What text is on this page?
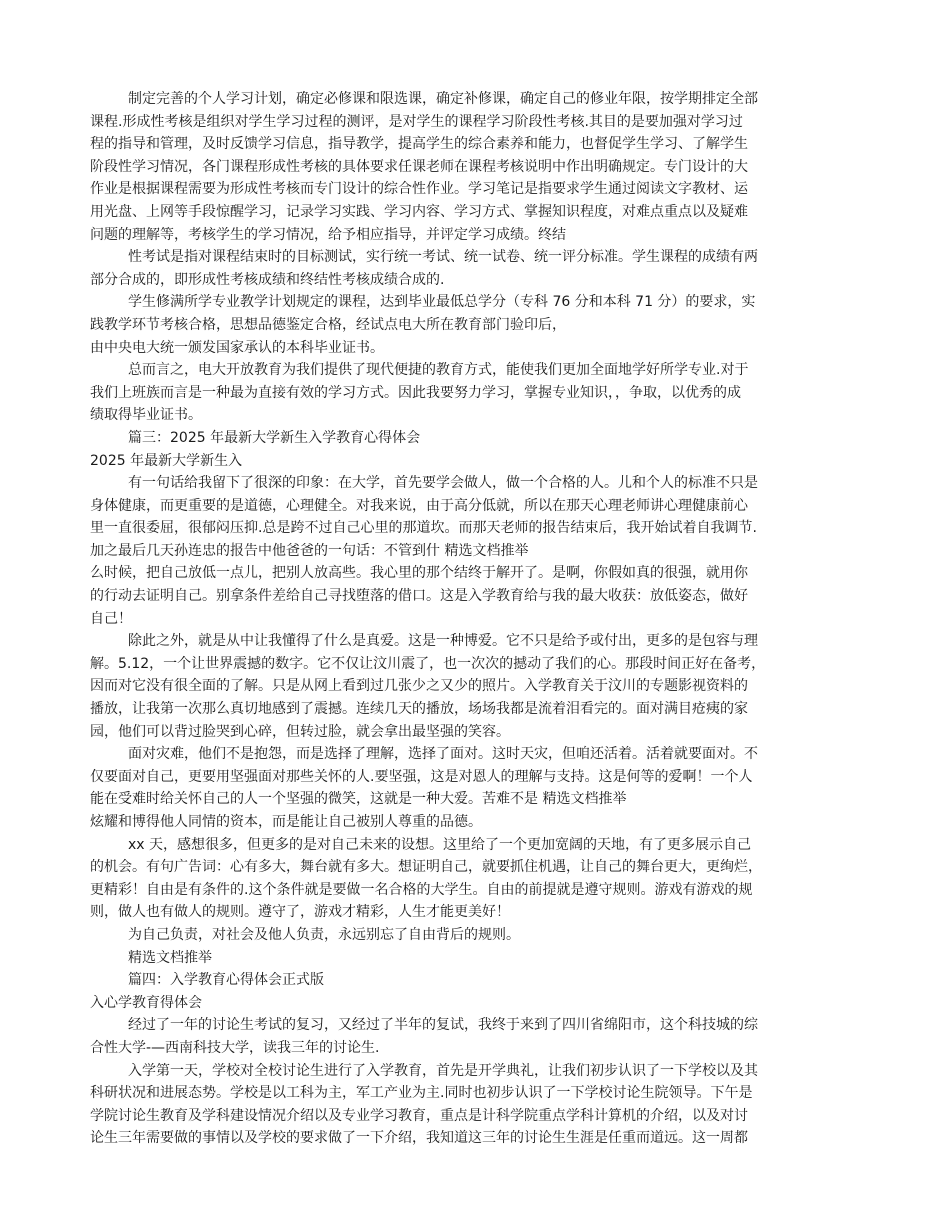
制定完善的个人学习计划，确定必修课和限选课，确定补修课，确定自己的修业年限，按学期排定全部
课程.形成性考核是组织对学生学习过程的测评，是对学生的课程学习阶段性考核.其目的是要加强对学习过
程的指导和管理，及时反馈学习信息，指导教学，提高学生的综合素养和能力，也督促学生学习、了解学生
阶段性学习情况，各门课程形成性考核的具体要求任课老师在课程考核说明中作出明确规定。专门设计的大
作业是根据课程需要为形成性考核而专门设计的综合性作业。学习笔记是指要求学生通过阅读文字教材、运
用光盘、上网等手段惊醒学习，记录学习实践、学习内容、学习方式、掌握知识程度，对难点重点以及疑难
问题的理解等，考核学生的学习情况，给予相应指导，并评定学习成绩。终结
性考试是指对课程结束时的目标测试，实行统一考试、统一试卷、统一评分标准。学生课程的成绩有两
部分合成的，即形成性考核成绩和终结性考核成绩合成的.
学生修满所学专业教学计划规定的课程，达到毕业最低总学分（专科 76 分和本科 71 分）的要求，实
践教学环节考核合格，思想品德鉴定合格，经试点电大所在教育部门验印后，
由中央电大统一颁发国家承认的本科毕业证书。
总而言之，电大开放教育为我们提供了现代便捷的教育方式，能使我们更加全面地学好所学专业.对于
我们上班族而言是一种最为直接有效的学习方式。因此我要努力学习，掌握专业知识，，争取，以优秀的成
绩取得毕业证书。
篇三：2025 年最新大学新生入学教育心得体会
2025 年最新大学新生入
有一句话给我留下了很深的印象：在大学，首先要学会做人，做一个合格的人。儿和个人的标准不只是
身体健康，而更重要的是道德，心理健全。对我来说，由于高分低就，所以在那天心理老师讲心理健康前心
里一直很委屈，很郁闷压抑.总是跨不过自己心里的那道坎。而那天老师的报告结束后，我开始试着自我调节.
加之最后几天孙连忠的报告中他爸爸的一句话：不管到什 精选文档推举
么时候，把自己放低一点儿，把别人放高些。我心里的那个结终于解开了。是啊，你假如真的很强，就用你
的行动去证明自己。别拿条件差给自己寻找堕落的借口。这是入学教育给与我的最大收获：放低姿态，做好
自己！
除此之外，就是从中让我懂得了什么是真爱。这是一种博爱。它不只是给予或付出，更多的是包容与理
解。5.12，一个让世界震撼的数字。它不仅让汶川震了，也一次次的撼动了我们的心。那段时间正好在备考，
因而对它没有很全面的了解。只是从网上看到过几张少之又少的照片。入学教育关于汶川的专题影视资料的
播放，让我第一次那么真切地感到了震撼。连续几天的播放，场场我都是流着泪看完的。面对满目疮痍的家
园，他们可以背过脸哭到心碎，但转过脸，就会拿出最坚强的笑容。
面对灾难，他们不是抱怨，而是选择了理解，选择了面对。这时天灾，但咱还活着。活着就要面对。不
仅要面对自己，更要用坚强面对那些关怀的人.要坚强，这是对恩人的理解与支持。这是何等的爱啊！一个人
能在受难时给关怀自己的人一个坚强的微笑，这就是一种大爱。苦难不是 精选文档推举
炫耀和博得他人同情的资本，而是能让自己被别人尊重的品德。
xx 天，感想很多，但更多的是对自己未来的设想。这里给了一个更加宽阔的天地，有了更多展示自己
的机会。有句广告词：心有多大，舞台就有多大。想证明自己，就要抓住机遇，让自己的舞台更大，更绚烂，
更精彩！自由是有条件的.这个条件就是要做一名合格的大学生。自由的前提就是遵守规则。游戏有游戏的规
则，做人也有做人的规则。遵守了，游戏才精彩，人生才能更美好！
为自己负责，对社会及他人负责，永远别忘了自由背后的规则。
精选文档推举
篇四：入学教育心得体会正式版
入心学教育得体会
经过了一年的讨论生考试的复习，又经过了半年的复试，我终于来到了四川省绵阳市，这个科技城的综
合性大学-—西南科技大学，读我三年的讨论生.
入学第一天，学校对全校讨论生进行了入学教育，首先是开学典礼，让我们初步认识了一下学校以及其
科研状况和进展态势。学校是以工科为主，军工产业为主.同时也初步认识了一下学校讨论生院领导。下午是
学院讨论生教育及学科建设情况介绍以及专业学习教育，重点是计科学院重点学科计算机的介绍，以及对讨
论生三年需要做的事情以及学校的要求做了一下介绍，我知道这三年的讨论生生涯是任重而道远。这一周都
